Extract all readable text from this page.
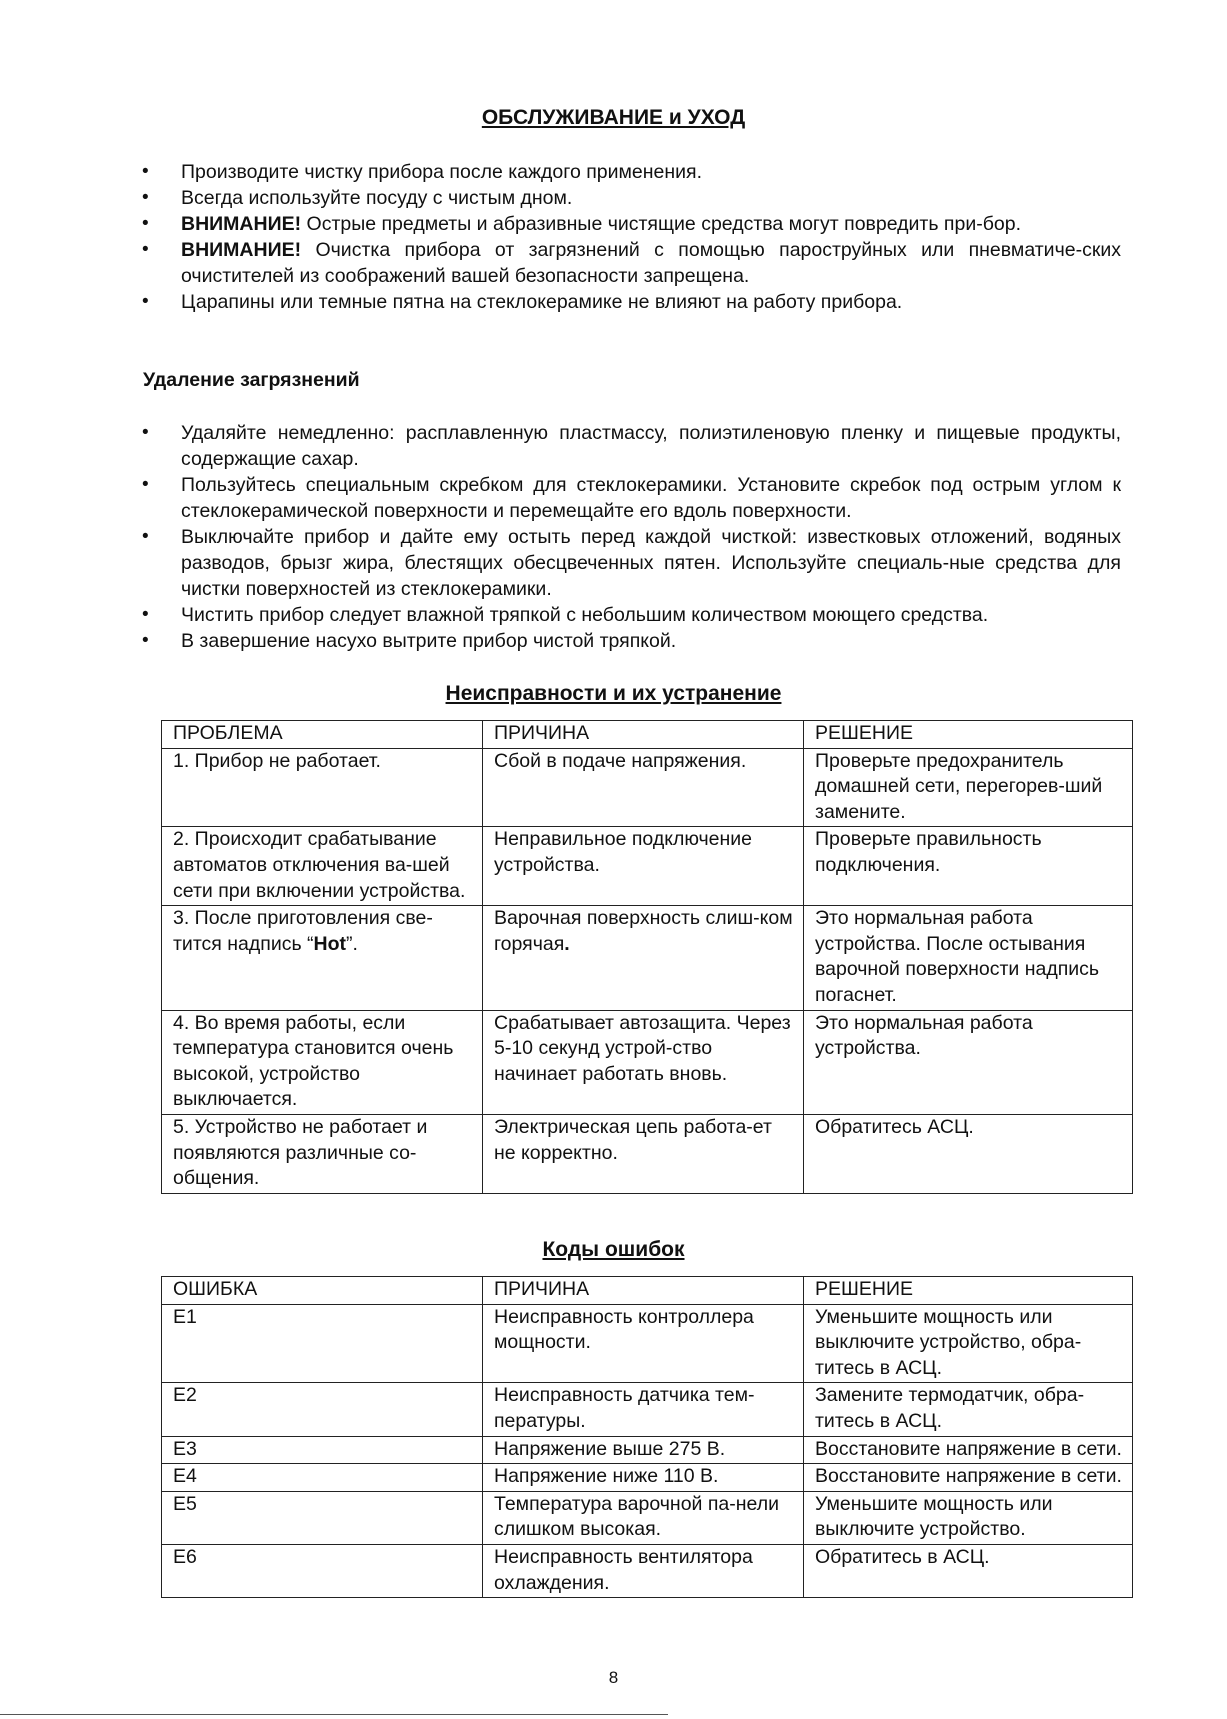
ОБСЛУЖИВАНИЕ и УХОД
• Производите чистку прибора после каждого применения.
• Всегда используйте посуду с чистым дном.
• ВНИМАНИЕ! Острые предметы и абразивные чистящие средства могут повредить при-бор.
• ВНИМАНИЕ! Очистка прибора от загрязнений с помощью пароструйных или пневматиче-ских очистителей из соображений вашей безопасности запрещена.
• Царапины или темные пятна на стеклокерамике не влияют на работу прибора.
Удаление загрязнений
• Удаляйте немедленно: расплавленную пластмассу, полиэтиленовую пленку и пищевые продукты, содержащие сахар.
• Пользуйтесь специальным скребком для стеклокерамики. Установите скребок под острым углом к стеклокерамической поверхности и перемещайте его вдоль поверхности.
• Выключайте прибор и дайте ему остыть перед каждой чисткой: известковых отложений, водяных разводов, брызг жира, блестящих обесцвеченных пятен. Используйте специаль-ные средства для чистки поверхностей из стеклокерамики.
• Чистить прибор следует влажной тряпкой с небольшим количеством моющего средства.
• В завершение насухо вытрите прибор чистой тряпкой.
Неисправности и их устранение
ПРОБЛЕМА	ПРИЧИНА	РЕШЕНИЕ
1. Прибор не работает.	Сбой в подаче напряжения.	Проверьте предохранитель домашней сети, перегорев-ший замените.
2. Происходит срабатывание автоматов отключения ва-шей сети при включении устройства.	Неправильное подключение устройства.	Проверьте правильность подключения.
3. После приготовления све-тится надпись “Hot”.	Варочная поверхность слиш-ком горячая.	Это нормальная работа устройства. После остывания варочной поверхности надпись погаснет.
4. Во время работы, если температура становится очень высокой, устройство выключается.	Срабатывает автозащита. Через 5-10 секунд устрой-ство начинает работать вновь.	Это нормальная работа устройства.
5. Устройство не работает и появляются различные со-общения.	Электрическая цепь работа-ет не корректно.	Обратитесь АСЦ.
Коды ошибок
ОШИБКА	ПРИЧИНА	РЕШЕНИЕ
E1	Неисправность контроллера мощности.	Уменьшите мощность или выключите устройство, обра-титесь в АСЦ.
E2	Неисправность датчика тем-пературы.	Замените термодатчик, обра-титесь в АСЦ.
E3	Напряжение выше 275 В.	Восстановите напряжение в сети.
E4	Напряжение ниже 110 В.	Восстановите напряжение в сети.
E5	Температура варочной па-нели слишком высокая.	Уменьшите мощность или выключите устройство.
E6	Неисправность вентилятора охлаждения.	Обратитесь в АСЦ.
8
